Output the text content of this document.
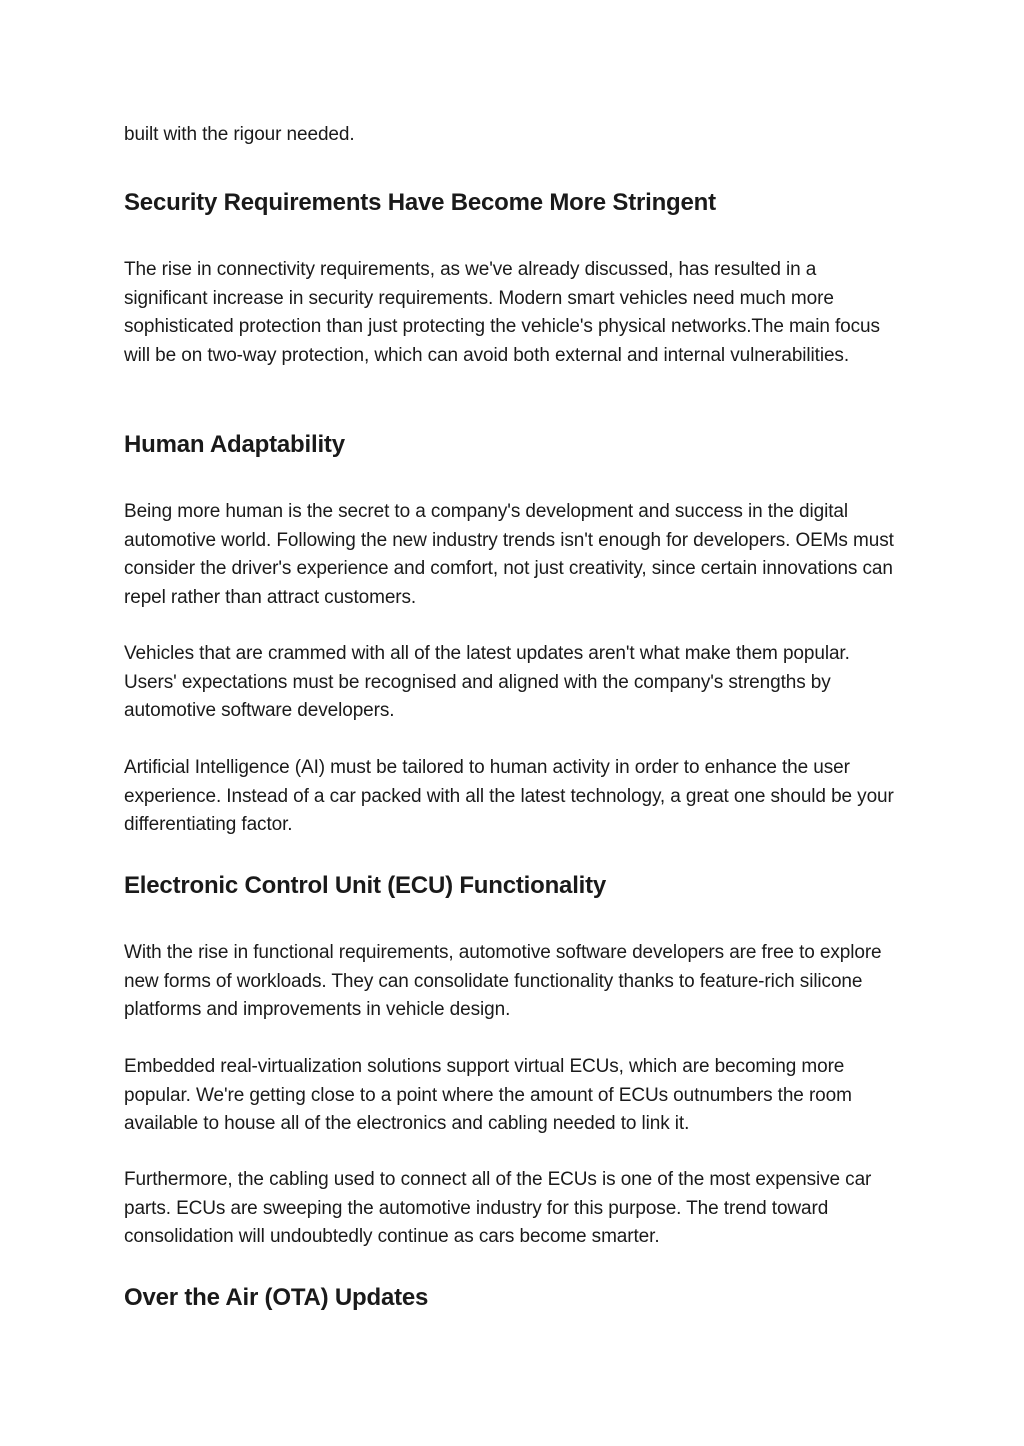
built with the rigour needed.

Security Requirements Have Become More Stringent

The rise in connectivity requirements, as we've already discussed, has resulted in a significant increase in security requirements. Modern smart vehicles need much more sophisticated protection than just protecting the vehicle's physical networks.The main focus will be on two-way protection, which can avoid both external and internal vulnerabilities.

Human Adaptability

Being more human is the secret to a company's development and success in the digital automotive world. Following the new industry trends isn't enough for developers. OEMs must consider the driver's experience and comfort, not just creativity, since certain innovations can repel rather than attract customers.

Vehicles that are crammed with all of the latest updates aren't what make them popular. Users' expectations must be recognised and aligned with the company's strengths by automotive software developers.

Artificial Intelligence (AI) must be tailored to human activity in order to enhance the user experience. Instead of a car packed with all the latest technology, a great one should be your differentiating factor.

Electronic Control Unit (ECU) Functionality

With the rise in functional requirements, automotive software developers are free to explore new forms of workloads. They can consolidate functionality thanks to feature-rich silicone platforms and improvements in vehicle design.

Embedded real-virtualization solutions support virtual ECUs, which are becoming more popular. We're getting close to a point where the amount of ECUs outnumbers the room available to house all of the electronics and cabling needed to link it.

Furthermore, the cabling used to connect all of the ECUs is one of the most expensive car parts. ECUs are sweeping the automotive industry for this purpose. The trend toward consolidation will undoubtedly continue as cars become smarter.

Over the Air (OTA) Updates
